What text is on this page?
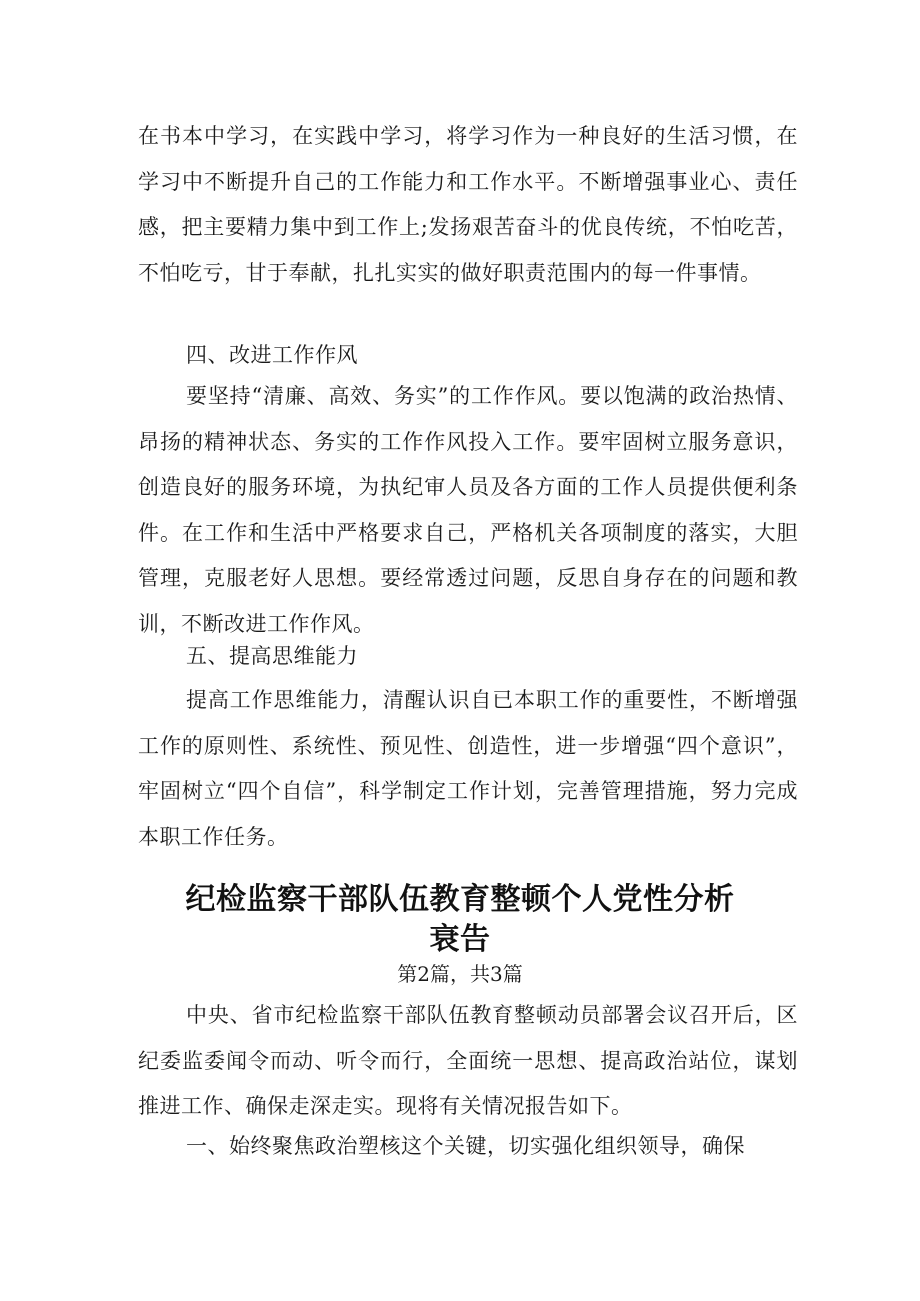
在书本中学习，在实践中学习，将学习作为一种良好的生活习惯，在学习中不断提升自己的工作能力和工作水平。不断增强事业心、责任感，把主要精力集中到工作上;发扬艰苦奋斗的优良传统，不怕吃苦，不怕吃亏，甘于奉献，扎扎实实的做好职责范围内的每一件事情。

四、改进工作作风

要坚持“清廉、高效、务实”的工作作风。要以饱满的政治热情、昂扬的精神状态、务实的工作作风投入工作。要牢固树立服务意识，创造良好的服务环境，为执纪审人员及各方面的工作人员提供便利条件。在工作和生活中严格要求自己，严格机关各项制度的落实，大胆管理，克服老好人思想。要经常透过问题，反思自身存在的问题和教训，不断改进工作作风。

五、提高思维能力

提高工作思维能力，清醒认识自已本职工作的重要性，不断增强工作的原则性、系统性、预见性、创造性，进一步增强“四个意识”，牢固树立“四个自信”，科学制定工作计划，完善管理措施，努力完成本职工作任务。

纪检监察干部队伍教育整顿个人党性分析
衰告

第2篇，共3篇

中央、省市纪检监察干部队伍教育整顿动员部署会议召开后，区纪委监委闻令而动、听令而行，全面统一思想、提高政治站位，谋划推进工作、确保走深走实。现将有关情况报告如下。

一、始终聚焦政治塑核这个关键，切实强化组织领导，确保
